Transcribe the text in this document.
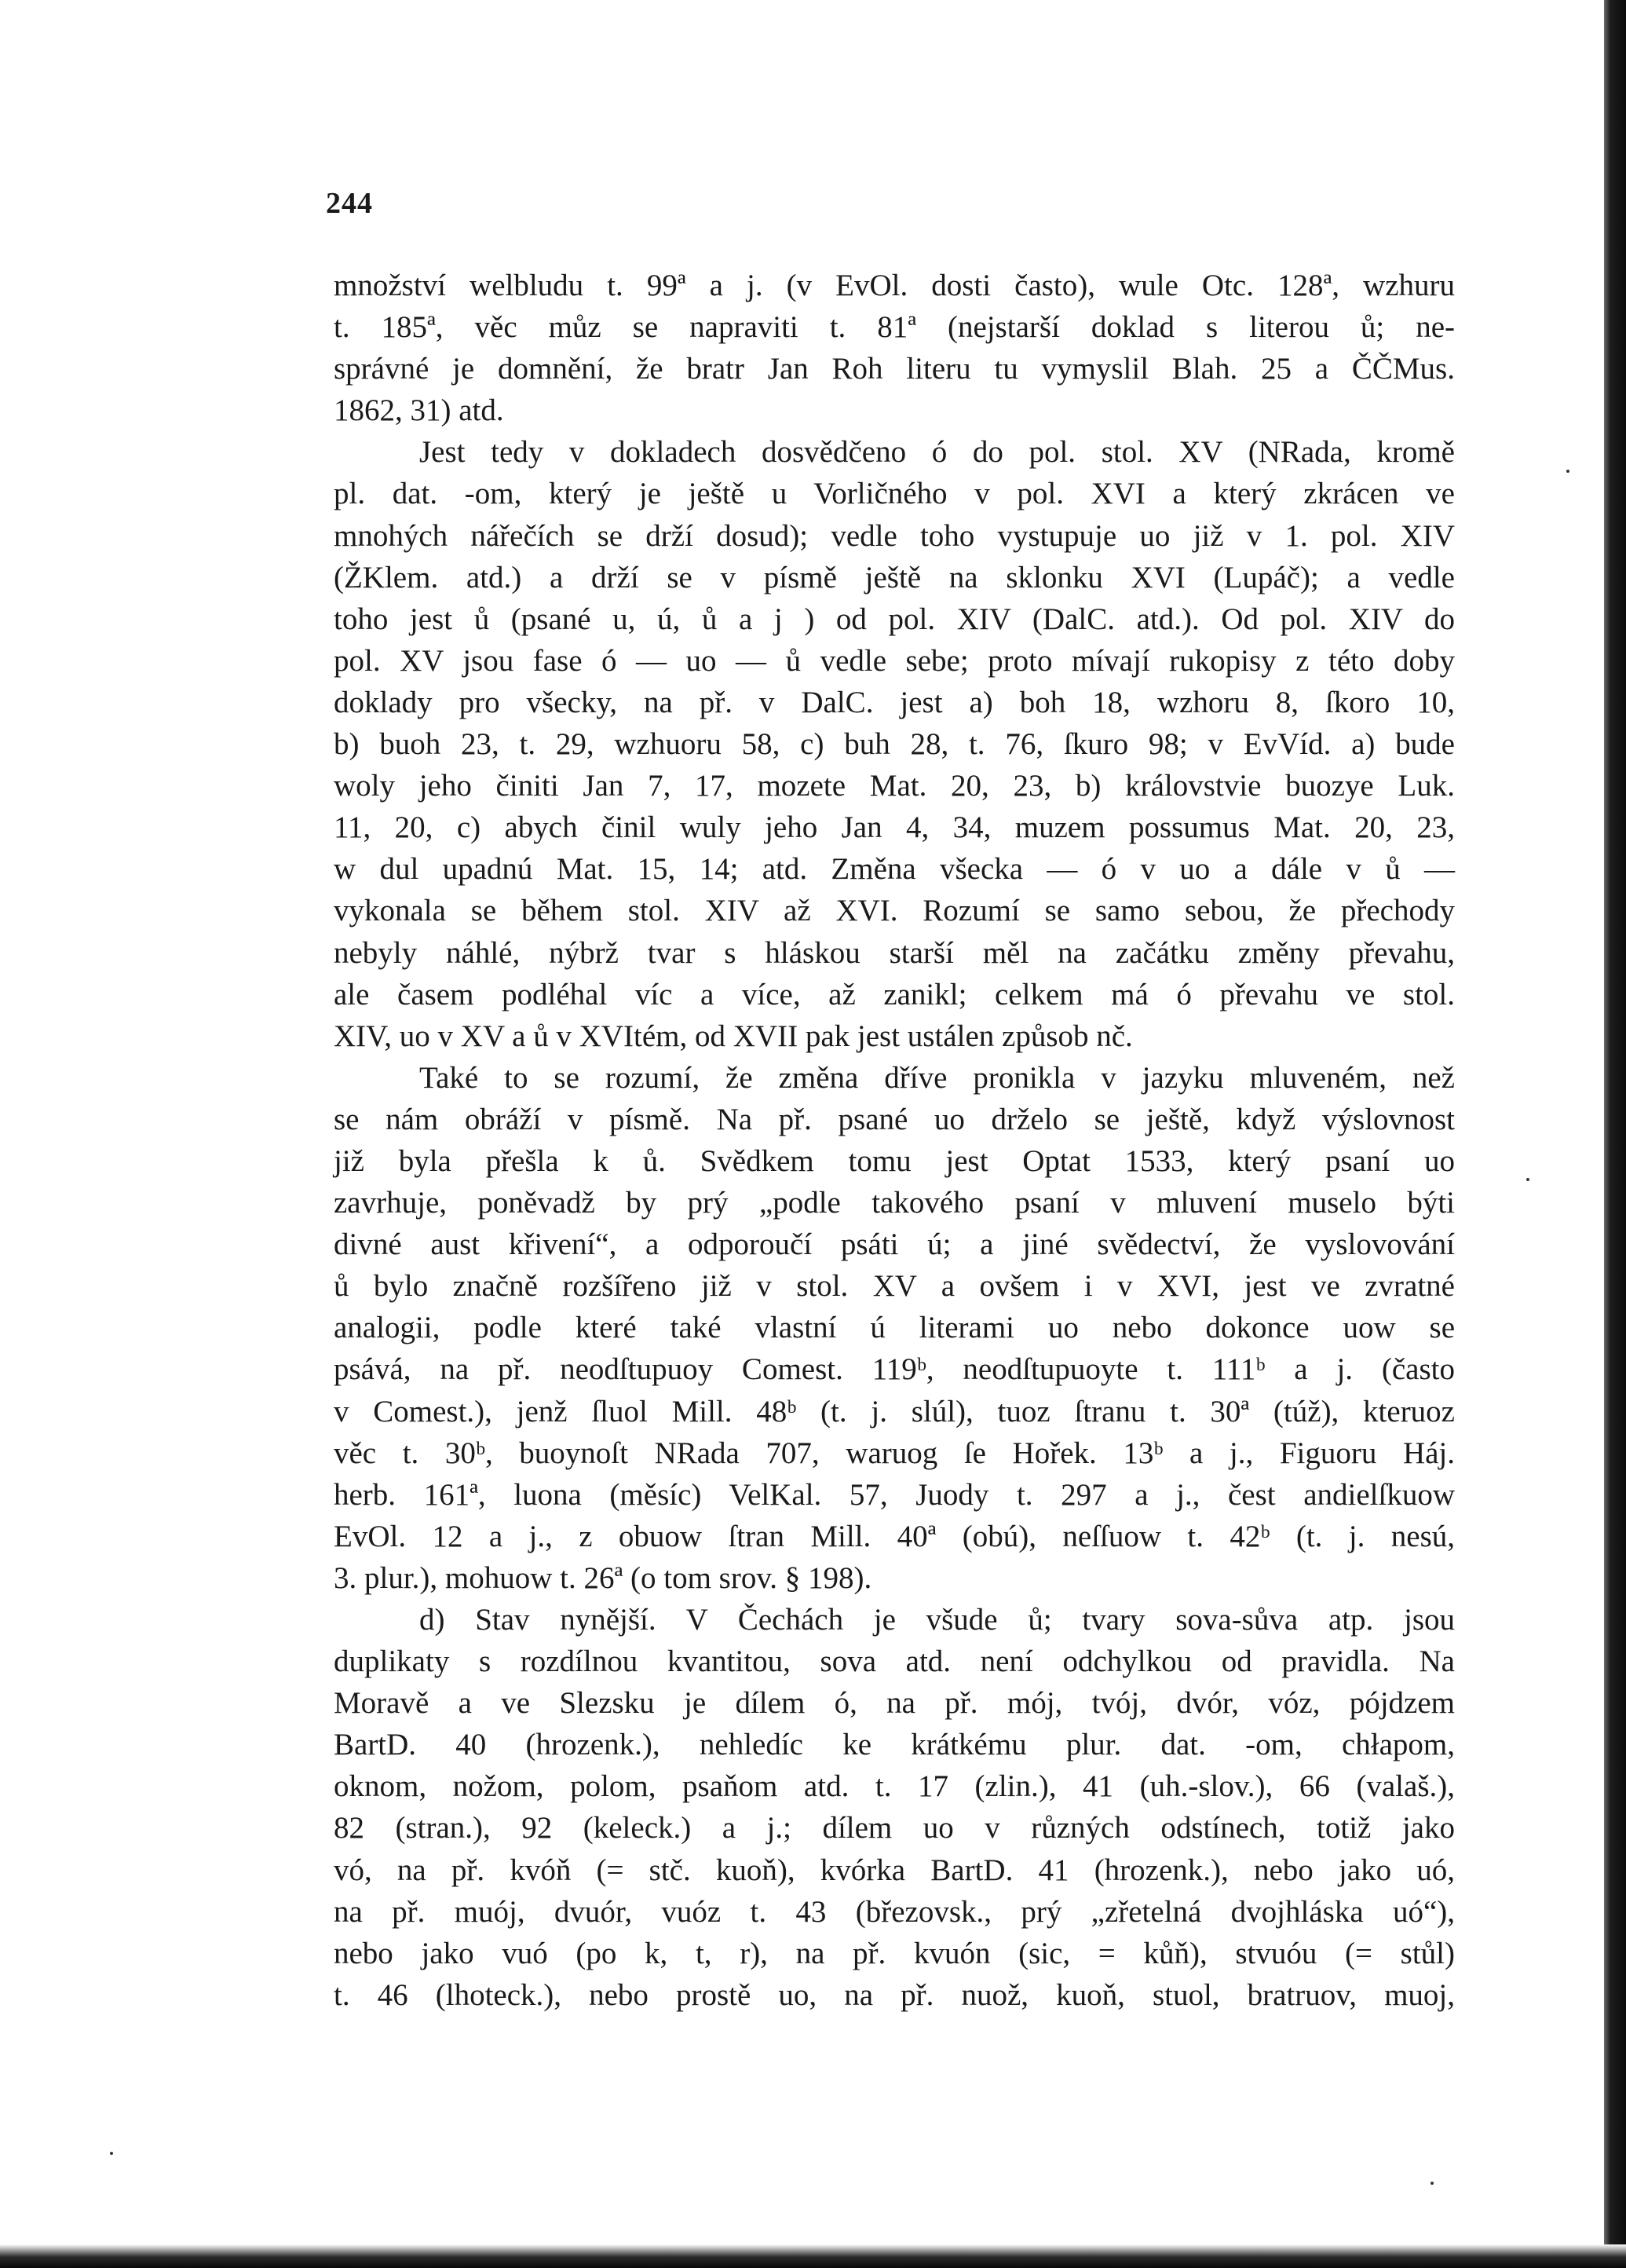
244
množství welbludu t. 99ª a j. (v EvOl. dosti často), wule Otc. 128ª, wzhuru
t. 185ª, věc můz se napraviti t. 81ª (nejstarší doklad s literou ů; ne-
správné je domnění, že bratr Jan Roh literu tu vymyslil Blah. 25 a ČČMus.
1862, 31) atd.
Jest tedy v dokladech dosvědčeno ó do pol. stol. XV (NRada, kromě
pl. dat. -om, který je ještě u Vorličného v pol. XVI a který zkrácen ve
mnohých nářečích se drží dosud); vedle toho vystupuje uo již v 1. pol. XIV
(ŽKlem. atd.) a drží se v písmě ještě na sklonku XVI (Lupáč); a vedle
toho jest ů (psané u, ú, ů a j ) od pol. XIV (DalC. atd.). Od pol. XIV do
pol. XV jsou fase ó — uo — ů vedle sebe; proto mívají rukopisy z této doby
doklady pro všecky, na př. v DalC. jest a) boh 18, wzhoru 8, ſkoro 10,
b) buoh 23, t. 29, wzhuoru 58, c) buh 28, t. 76, ſkuro 98; v EvVíd. a) bude
woly jeho činiti Jan 7, 17, mozete Mat. 20, 23, b) královstvie buozye Luk.
11, 20, c) abych činil wuly jeho Jan 4, 34, muzem possumus Mat. 20, 23,
w dul upadnú Mat. 15, 14; atd. Změna všecka — ó v uo a dále v ů —
vykonala se během stol. XIV až XVI. Rozumí se samo sebou, že přechody
nebyly náhlé, nýbrž tvar s hláskou starší měl na začátku změny převahu,
ale časem podléhal víc a více, až zanikl; celkem má ó převahu ve stol.
XIV, uo v XV a ů v XVItém, od XVII pak jest ustálen způsob nč.
Také to se rozumí, že změna dříve pronikla v jazyku mluveném, než
se nám obráží v písmě. Na př. psané uo drželo se ještě, když výslovnost
již byla přešla k ů. Svědkem tomu jest Optat 1533, který psaní uo
zavrhuje, poněvadž by prý „podle takového psaní v mluvení muselo býti
divné aust křivení“, a odporoučí psáti ú; a jiné svědectví, že vyslovování
ů bylo značně rozšířeno již v stol. XV a ovšem i v XVI, jest ve zvratné
analogii, podle které také vlastní ú literami uo nebo dokonce uow se
psává, na př. neodſtupuoy Comest. 119ᵇ, neodſtupuoyte t. 111ᵇ a j. (často
v Comest.), jenž ſluol Mill. 48ᵇ (t. j. slúl), tuoz ſtranu t. 30ª (túž), kteruoz
věc t. 30ᵇ, buoynoſt NRada 707, waruog ſe Hořek. 13ᵇ a j., Figuoru Háj.
herb. 161ª, luona (měsíc) VelKal. 57, Juody t. 297 a j., čest andielſkuow
EvOl. 12 a j., z obuow ſtran Mill. 40ª (obú), neſſuow t. 42ᵇ (t. j. nesú,
3. plur.), mohuow t. 26ª (o tom srov. § 198).
d) Stav nynější. V Čechách je všude ů; tvary sova-sůva atp. jsou
duplikaty s rozdílnou kvantitou, sova atd. není odchylkou od pravidla. Na
Moravě a ve Slezsku je dílem ó, na př. mój, tvój, dvór, vóz, pójdzem
BartD. 40 (hrozenk.), nehledíc ke krátkému plur. dat. -om, chłapom,
oknom, nožom, polom, psaňom atd. t. 17 (zlin.), 41 (uh.-slov.), 66 (valaš.),
82 (stran.), 92 (keleck.) a j.; dílem uo v různých odstínech, totiž jako
vó, na př. kvóň (= stč. kuoň), kvórka BartD. 41 (hrozenk.), nebo jako uó,
na př. muój, dvuór, vuóz t. 43 (březovsk., prý „zřetelná dvojhláska uó“),
nebo jako vuó (po k, t, r), na př. kvuón (sic, = kůň), stvuóu (= stůl)
t. 46 (lhoteck.), nebo prostě uo, na př. nuož, kuoň, stuol, bratruov, muoj,
